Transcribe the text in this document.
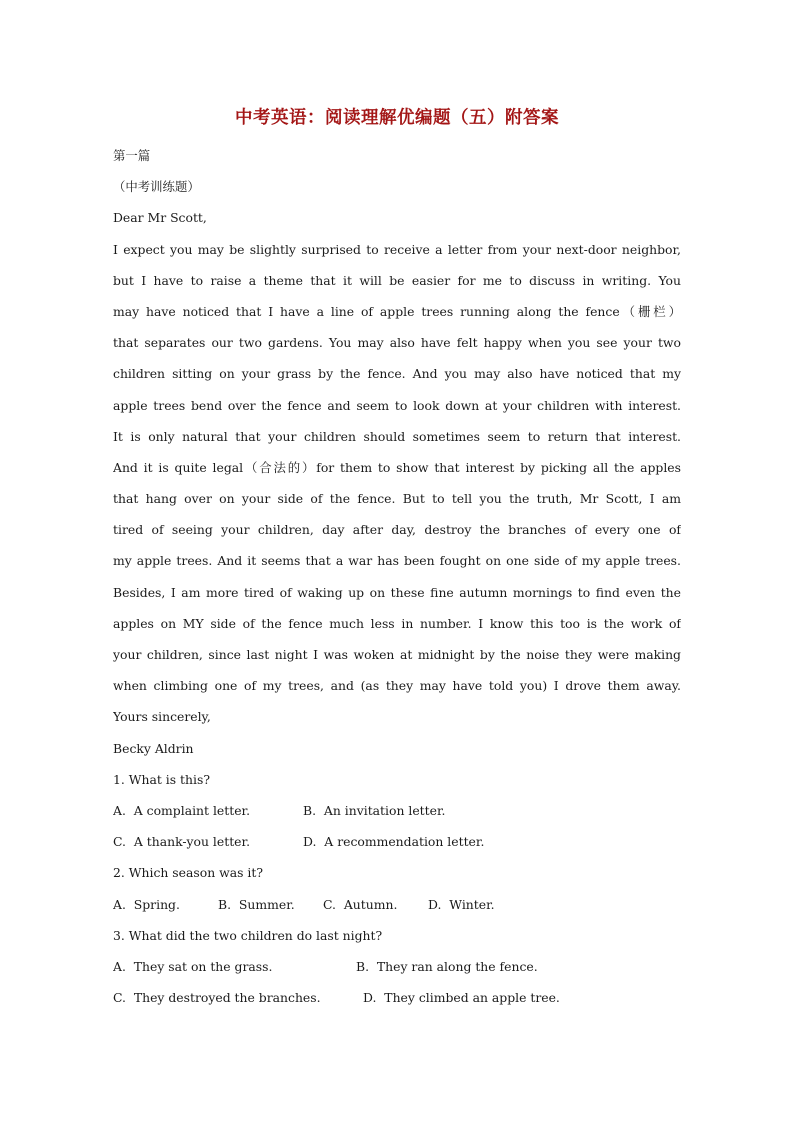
中考英语：阅读理解优编题（五）附答案
第一篇
（中考训练题）
Dear Mr Scott,
I expect you may be slightly surprised to receive a letter from your next-door neighbor,
but I have to raise a theme that it will be easier for me to discuss in writing. You
may have noticed that I have a line of apple trees running along the fence（栅栏）
that separates our two gardens. You may also have felt happy when you see your two
children sitting on your grass by the fence. And you may also have noticed that my
apple trees bend over the fence and seem to look down at your children with interest.
It is only natural that your children should sometimes seem to return that interest.
And it is quite legal（合法的）for them to show that interest by picking all the apples
that hang over on your side of the fence. But to tell you the truth, Mr Scott, I am
tired of seeing your children, day after day, destroy the branches of every one of
my apple trees. And it seems that a war has been fought on one side of my apple trees.
Besides, I am more tired of waking up on these fine autumn mornings to find even the
apples on MY side of the fence much less in number. I know this too is the work of
your children, since last night I was woken at midnight by the noise they were making
when climbing one of my trees, and (as they may have told you) I drove them away.
Yours sincerely,
Becky Aldrin
1. What is this?
A.  A complaint letter.	B.  An invitation letter.
C.  A thank-you letter.	D.  A recommendation letter.
2. Which season was it?
A.  Spring.	B.  Summer.	C.  Autumn.	D.  Winter.
3. What did the two children do last night?
A.  They sat on the grass.	B.  They ran along the fence.
C.  They destroyed the branches.	D.  They climbed an apple tree.
